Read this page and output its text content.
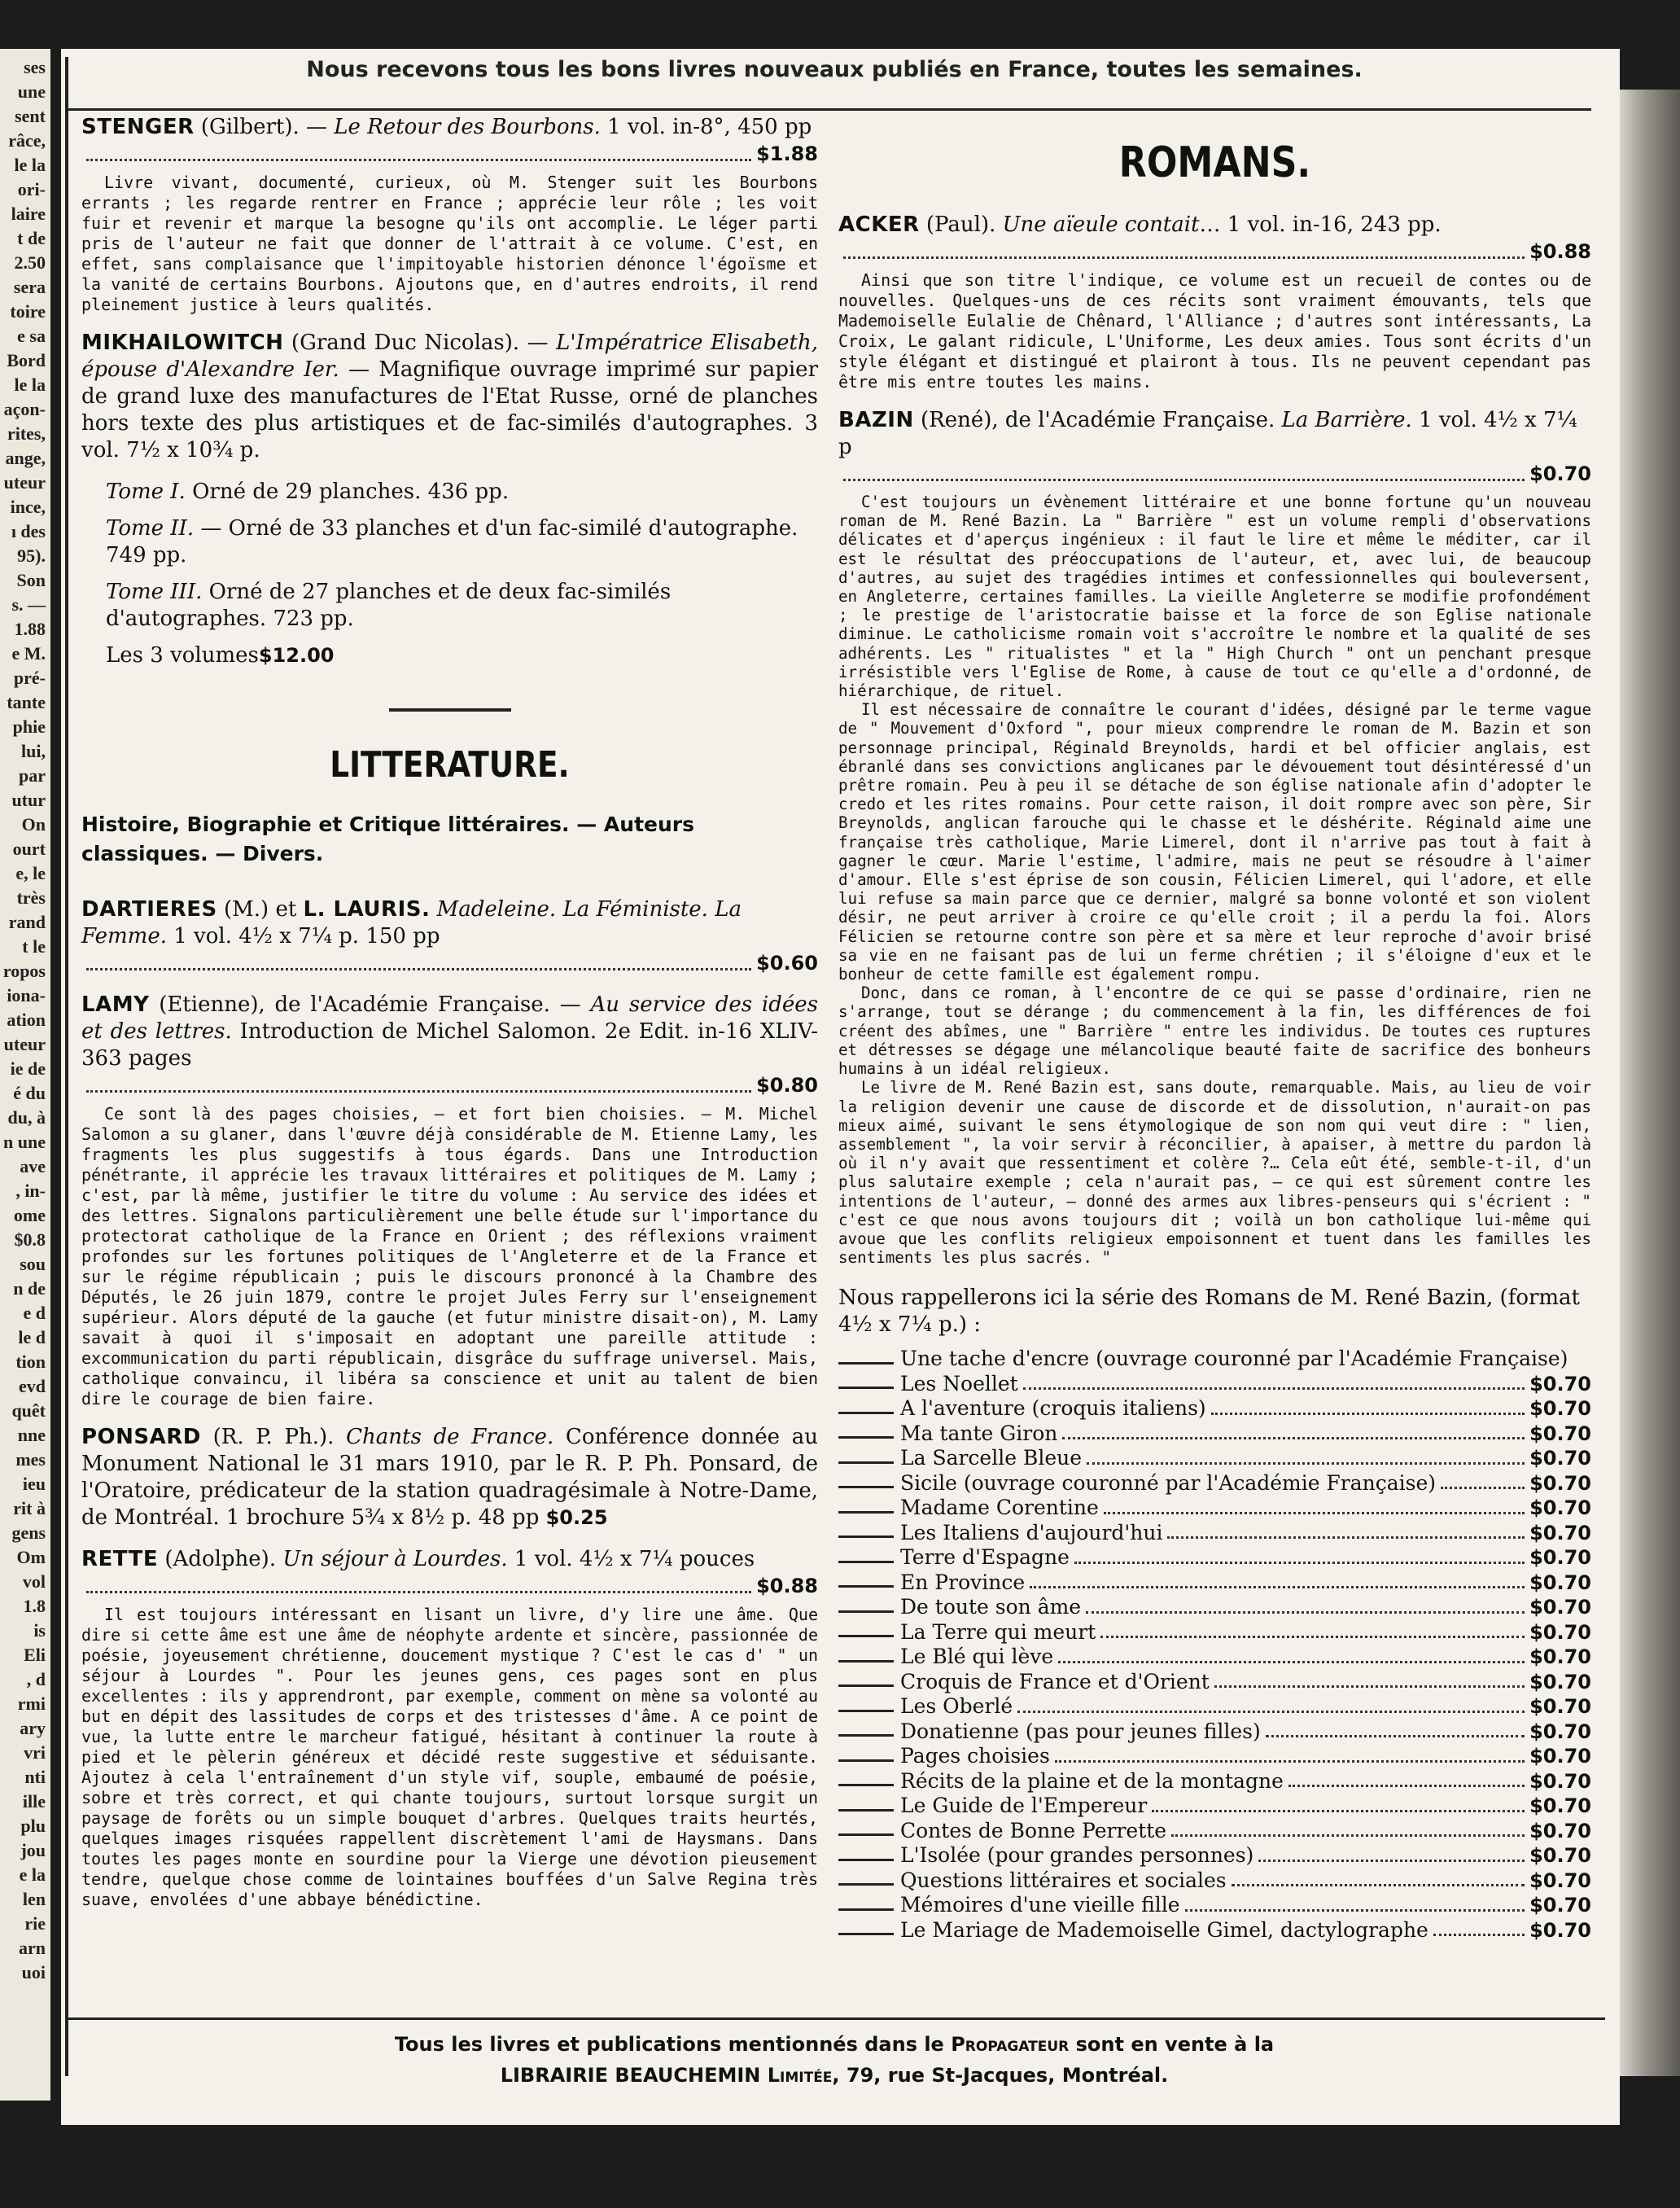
ses
une
sent
râce,
le la
ori-
laire
t de
2.50
sera
toire
e sa
Bord
le la
açon-
rites,
ange,
uteur
ince,
ı des
95).
Son
s. —
1.88
e M.
pré-
tante
phie
lui,
par
utur
On
ourt
e, le
très
rand
t le
ropos
iona-
ation
uteur
ie de
é du
du, à
n une
ave
, in-
ome
$0.8
sou
n de
e d
le d
tion
evd
quêt
nne
mes
ieu
rit à
gens
Om
vol
1.8
is
Eli
, d
rmi
ary
vri
nti
ille
plu
jou
e la
len
rie
arn
uoi
Nous recevons tous les bons livres nouveaux publiés en France, toutes les semaines.
STENGER (Gilbert). — Le Retour des Bourbons. 1 vol. in-8°, 450 pp
$1.88

Livre vivant, documenté, curieux, où M. Stenger suit les Bourbons errants ; les regarde rentrer en France ; apprécie leur rôle ; les voit fuir et revenir et marque la besogne qu'ils ont accomplie. Le léger parti pris de l'auteur ne fait que donner de l'attrait à ce volume. C'est, en effet, sans complaisance que l'impitoyable historien dénonce l'égoïsme et la vanité de certains Bourbons. Ajoutons que, en d'autres endroits, il rend pleinement justice à leurs qualités.

MIKHAILOWITCH (Grand Duc Nicolas). — L'Impératrice Elisabeth, épouse d'Alexandre Ier. — Magnifique ouvrage imprimé sur papier de grand luxe des manufactures de l'Etat Russe, orné de planches hors texte des plus artistiques et de fac-similés d'autographes. 3 vol. 7½ x 10¾ p.
Tome I. Orné de 29 planches. 436 pp.
Tome II. — Orné de 33 planches et d'un fac-similé d'autographe. 749 pp.
Tome III. Orné de 27 planches et de deux fac-similés d'autographes. 723 pp.
Les 3 volumes$12.00
LITTERATURE.
Histoire, Biographie et Critique littéraires. — Auteurs classiques. — Divers.
DARTIERES (M.) et L. LAURIS. Madeleine. La Féministe. La Femme. 1 vol. 4½ x 7¼ p. 150 pp
$0.60
LAMY (Etienne), de l'Académie Française. — Au service des idées et des lettres. Introduction de Michel Salomon. 2e Edit. in-16 XLIV-363 pages
$0.80

Ce sont là des pages choisies, — et fort bien choisies. — M. Michel Salomon a su glaner, dans l'œuvre déjà considérable de M. Etienne Lamy, les fragments les plus suggestifs à tous égards. Dans une Introduction pénétrante, il apprécie les travaux littéraires et politiques de M. Lamy ; c'est, par là même, justifier le titre du volume : Au service des idées et des lettres. Signalons particulièrement une belle étude sur l'importance du protectorat catholique de la France en Orient ; des réflexions vraiment profondes sur les fortunes politiques de l'Angleterre et de la France et sur le régime républicain ; puis le discours prononcé à la Chambre des Députés, le 26 juin 1879, contre le projet Jules Ferry sur l'enseignement supérieur. Alors député de la gauche (et futur ministre disait-on), M. Lamy savait à quoi il s'imposait en adoptant une pareille attitude : excommunication du parti républicain, disgrâce du suffrage universel. Mais, catholique convaincu, il libéra sa conscience et unit au talent de bien dire le courage de bien faire.

PONSARD (R. P. Ph.). Chants de France. Conférence donnée au Monument National le 31 mars 1910, par le R. P. Ph. Ponsard, de l'Oratoire, prédicateur de la station quadragésimale à Notre-Dame, de Montréal. 1 brochure 5¾ x 8½ p. 48 pp $0.25
RETTE (Adolphe). Un séjour à Lourdes. 1 vol. 4½ x 7¼ pouces
$0.88

Il est toujours intéressant en lisant un livre, d'y lire une âme. Que dire si cette âme est une âme de néophyte ardente et sincère, passionnée de poésie, joyeusement chrétienne, doucement mystique ? C'est le cas d' " un séjour à Lourdes ". Pour les jeunes gens, ces pages sont en plus excellentes : ils y apprendront, par exemple, comment on mène sa volonté au but en dépit des lassitudes de corps et des tristesses d'âme. A ce point de vue, la lutte entre le marcheur fatigué, hésitant à continuer la route à pied et le pèlerin généreux et décidé reste suggestive et séduisante. Ajoutez à cela l'entraînement d'un style vif, souple, embaumé de poésie, sobre et très correct, et qui chante toujours, surtout lorsque surgit un paysage de forêts ou un simple bouquet d'arbres. Quelques traits heurtés, quelques images risquées rappellent discrètement l'ami de Haysmans. Dans toutes les pages monte en sourdine pour la Vierge une dévotion pieusement tendre, quelque chose comme de lointaines bouffées d'un Salve Regina très suave, envolées d'une abbaye bénédictine.

ROMANS.
ACKER (Paul). Une aïeule contait… 1 vol. in-16, 243 pp.
$0.88

Ainsi que son titre l'indique, ce volume est un recueil de contes ou de nouvelles. Quelques-uns de ces récits sont vraiment émouvants, tels que Mademoiselle Eulalie de Chênard, l'Alliance ; d'autres sont intéressants, La Croix, Le galant ridicule, L'Uniforme, Les deux amies. Tous sont écrits d'un style élégant et distingué et plairont à tous. Ils ne peuvent cependant pas être mis entre toutes les mains.

BAZIN (René), de l'Académie Française. La Barrière. 1 vol. 4½ x 7¼ p
$0.70

C'est toujours un évènement littéraire et une bonne fortune qu'un nouveau roman de M. René Bazin. La " Barrière " est un volume rempli d'observations délicates et d'aperçus ingénieux : il faut le lire et même le méditer, car il est le résultat des préoccupations de l'auteur, et, avec lui, de beaucoup d'autres, au sujet des tragédies intimes et confessionnelles qui bouleversent, en Angleterre, certaines familles. La vieille Angleterre se modifie profondément ; le prestige de l'aristocratie baisse et la force de son Eglise nationale diminue. Le catholicisme romain voit s'accroître le nombre et la qualité de ses adhérents. Les " ritualistes " et la " High Church " ont un penchant presque irrésistible vers l'Eglise de Rome, à cause de tout ce qu'elle a d'ordonné, de hiérarchique, de rituel.

Il est nécessaire de connaître le courant d'idées, désigné par le terme vague de " Mouvement d'Oxford ", pour mieux comprendre le roman de M. Bazin et son personnage principal, Réginald Breynolds, hardi et bel officier anglais, est ébranlé dans ses convictions anglicanes par le dévouement tout désintéressé d'un prêtre romain. Peu à peu il se détache de son église nationale afin d'adopter le credo et les rites romains. Pour cette raison, il doit rompre avec son père, Sir Breynolds, anglican farouche qui le chasse et le déshérite. Réginald aime une française très catholique, Marie Limerel, dont il n'arrive pas tout à fait à gagner le cœur. Marie l'estime, l'admire, mais ne peut se résoudre à l'aimer d'amour. Elle s'est éprise de son cousin, Félicien Limerel, qui l'adore, et elle lui refuse sa main parce que ce dernier, malgré sa bonne volonté et son violent désir, ne peut arriver à croire ce qu'elle croit ; il a perdu la foi. Alors Félicien se retourne contre son père et sa mère et leur reproche d'avoir brisé sa vie en ne faisant pas de lui un ferme chrétien ; il s'éloigne d'eux et le bonheur de cette famille est également rompu.

Donc, dans ce roman, à l'encontre de ce qui se passe d'ordinaire, rien ne s'arrange, tout se dérange ; du commencement à la fin, les différences de foi créent des abîmes, une " Barrière " entre les individus. De toutes ces ruptures et détresses se dégage une mélancolique beauté faite de sacrifice des bonheurs humains à un idéal religieux.

Le livre de M. René Bazin est, sans doute, remarquable. Mais, au lieu de voir la religion devenir une cause de discorde et de dissolution, n'aurait-on pas mieux aimé, suivant le sens étymologique de son nom qui veut dire : " lien, assemblement ", la voir servir à réconcilier, à apaiser, à mettre du pardon là où il n'y avait que ressentiment et colère ?… Cela eût été, semble-t-il, d'un plus salutaire exemple ; cela n'aurait pas, — ce qui est sûrement contre les intentions de l'auteur, — donné des armes aux libres-penseurs qui s'écrient : " c'est ce que nous avons toujours dit ; voilà un bon catholique lui-même qui avoue que les conflits religieux empoisonnent et tuent dans les familles les sentiments les plus sacrés. "

Nous rappellerons ici la série des Romans de M. René Bazin, (format 4½ x 7¼ p.) :
Une tache d'encre (ouvrage couronné par l'Académie Française)
Les Noellet	$0.70
A l'aventure (croquis italiens)	$0.70
Ma tante Giron	$0.70
La Sarcelle Bleue	$0.70
Sicile (ouvrage couronné par l'Académie Française)	$0.70
Madame Corentine	$0.70
Les Italiens d'aujourd'hui	$0.70
Terre d'Espagne	$0.70
En Province	$0.70
De toute son âme	$0.70
La Terre qui meurt	$0.70
Le Blé qui lève	$0.70
Croquis de France et d'Orient	$0.70
Les Oberlé	$0.70
Donatienne (pas pour jeunes filles)	$0.70
Pages choisies	$0.70
Récits de la plaine et de la montagne	$0.70
Le Guide de l'Empereur	$0.70
Contes de Bonne Perrette	$0.70
L'Isolée (pour grandes personnes)	$0.70
Questions littéraires et sociales	$0.70
Mémoires d'une vieille fille	$0.70
Le Mariage de Mademoiselle Gimel, dactylographe	$0.70
Tous les livres et publications mentionnés dans le Propagateur sont en vente à la
LIBRAIRIE BEAUCHEMIN Limitée, 79, rue St-Jacques, Montréal.
